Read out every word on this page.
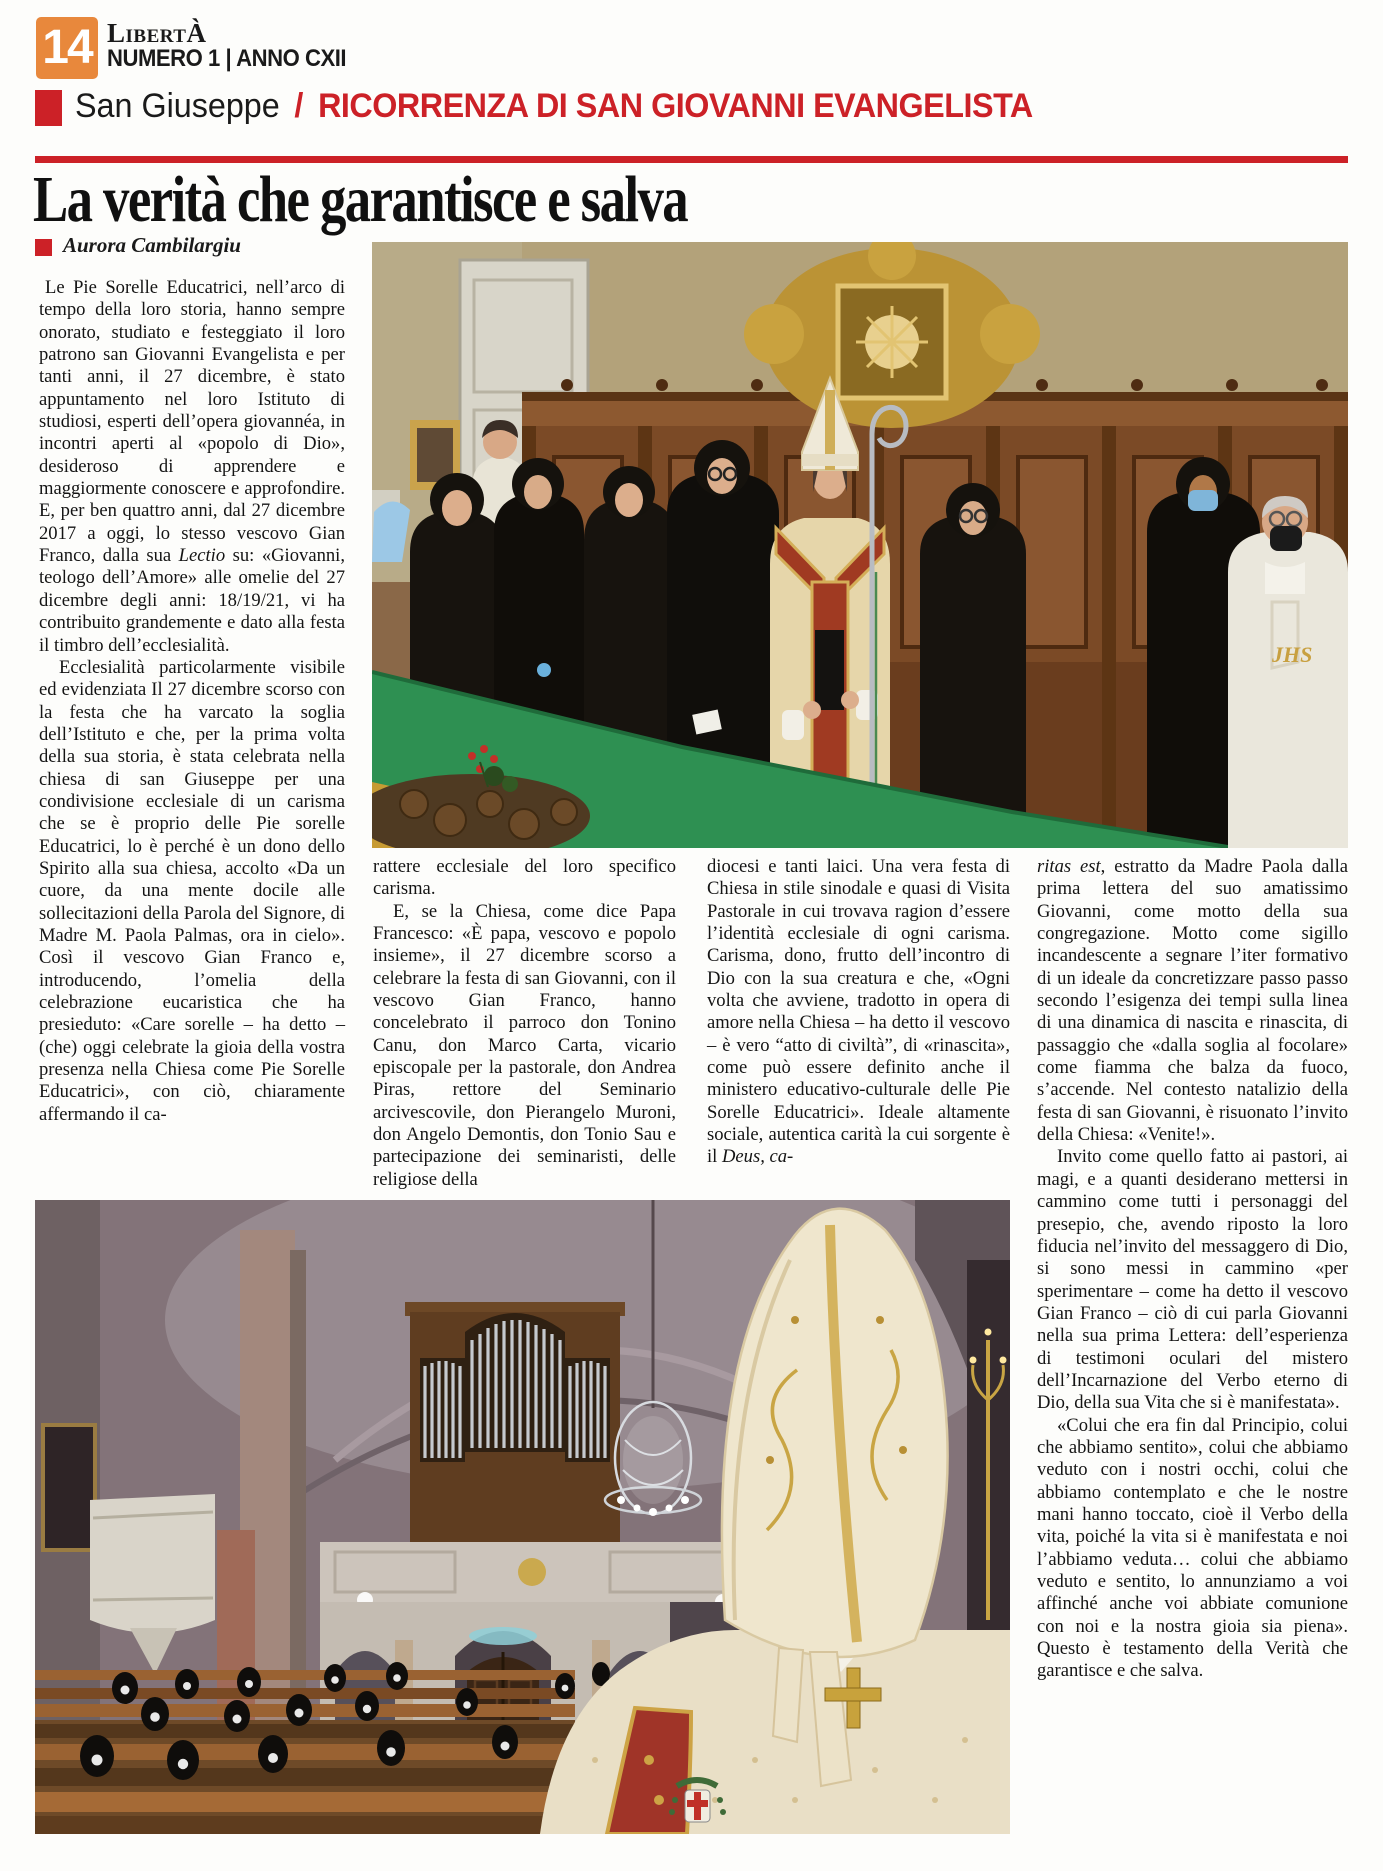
14 LibertÀ
NUMERO 1 | ANNO CXII
San Giuseppe / RICORRENZA DI SAN GIOVANNI EVANGELISTA
La verità che garantisce e salva
Aurora Cambilargiu

Le Pie Sorelle Educatrici, nell’arco di tempo della loro storia, hanno sempre onorato, studiato e festeggiato il loro patrono san Giovanni Evangelista e per tanti anni, il 27 dicembre, è stato appuntamento nel loro Istituto di studiosi, esperti dell’opera giovannéa, in incontri aperti al «popolo di Dio», desideroso di apprendere e maggiormente conoscere e approfondire. E, per ben quattro anni, dal 27 dicembre 2017 a oggi, lo stesso vescovo Gian Franco, dalla sua Lectio su: «Giovanni, teologo dell’Amore» alle omelie del 27 dicembre degli anni: 18/19/21, vi ha contribuito grandemente e dato alla festa il timbro dell’ecclesialità.

Ecclesialità particolarmente visibile ed evidenziata Il 27 dicembre scorso con la festa che ha varcato la soglia dell’Istituto e che, per la prima volta della sua storia, è stata celebrata nella chiesa di san Giuseppe per una condivisione ecclesiale di un carisma che se è proprio delle Pie sorelle Educatrici, lo è perché è un dono dello Spirito alla sua chiesa, accolto «Da un cuore, da una mente docile alle sollecitazioni della Parola del Signore, di Madre M. Paola Palmas, ora in cielo». Così il vescovo Gian Franco e, introducendo, l’omelia della celebrazione eucaristica che ha presieduto: «Care sorelle – ha detto – (che) oggi celebrate la gioia della vostra presenza nella Chiesa come Pie Sorelle Educatrici», con ciò, chiaramente affermando il ca-

JHS

rattere ecclesiale del loro specifico carisma.

E, se la Chiesa, come dice Papa Francesco: «È papa, vescovo e popolo insieme», il 27 dicembre scorso a celebrare la festa di san Giovanni, con il vescovo Gian Franco, hanno concelebrato il parroco don Tonino Canu, don Marco Carta, vicario episcopale per la pastorale, don Andrea Piras, rettore del Seminario arcivescovile, don Pierangelo Muroni, don Angelo Demontis, don Tonio Sau e partecipazione dei seminaristi, delle religiose della

diocesi e tanti laici. Una vera festa di Chiesa in stile sinodale e quasi di Visita Pastorale in cui trovava ragion d’essere l’identità ecclesiale di ogni carisma. Carisma, dono, frutto dell’incontro di Dio con la sua creatura e che, «Ogni volta che avviene, tradotto in opera di amore nella Chiesa – ha detto il vescovo – è vero “atto di civiltà”, di «rinascita», come può essere definito anche il ministero educativo-culturale delle Pie Sorelle Educatrici». Ideale altamente sociale, autentica carità la cui sorgente è il Deus, ca-

ritas est, estratto da Madre Paola dalla prima lettera del suo amatissimo Giovanni, come motto della sua congregazione. Motto come sigillo incandescente a segnare l’iter formativo di un ideale da concretizzare passo passo secondo l’esigenza dei tempi sulla linea di una dinamica di nascita e rinascita, di passaggio che «dalla soglia al focolare» come fiamma che balza da fuoco, s’accende. Nel contesto natalizio della festa di san Giovanni, è risuonato l’invito della Chiesa: «Venite!».

Invito come quello fatto ai pastori, ai magi, e a quanti desiderano mettersi in cammino come tutti i personaggi del presepio, che, avendo riposto la loro fiducia nel’invito del messaggero di Dio, si sono messi in cammino «per sperimentare – come ha detto il vescovo Gian Franco – ciò di cui parla Giovanni nella sua prima Lettera: dell’esperienza di testimoni oculari del mistero dell’Incarnazione del Verbo eterno di Dio, della sua Vita che si è manifestata».

«Colui che era fin dal Principio, colui che abbiamo sentito», colui che abbiamo veduto con i nostri occhi, colui che abbiamo contemplato e che le nostre mani hanno toccato, cioè il Verbo della vita, poiché la vita si è manifestata e noi l’abbiamo veduta… colui che abbiamo veduto e sentito, lo annunziamo a voi affinché anche voi abbiate comunione con noi e la nostra gioia sia piena». Questo è testamento della Verità che garantisce e che salva.
